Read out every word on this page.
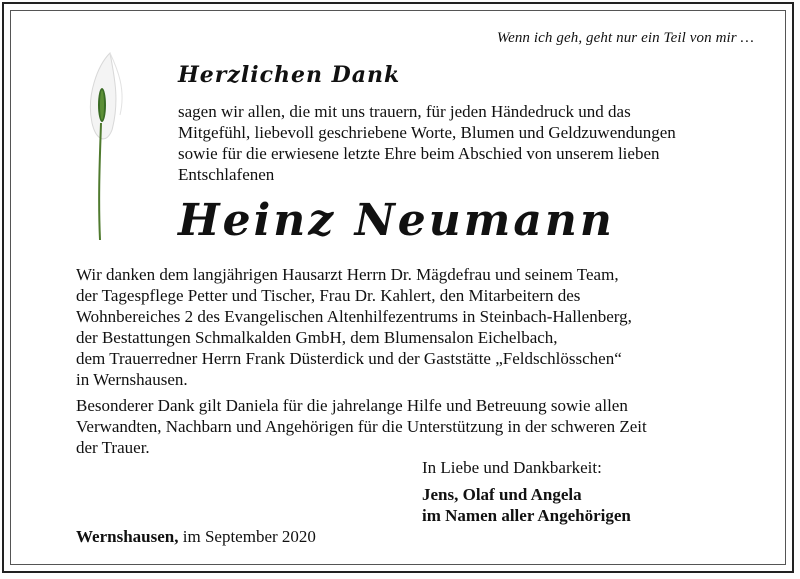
Wenn ich geh, geht nur ein Teil von mir …
Herzlichen Dank
sagen wir allen, die mit uns trauern, für jeden Händedruck und das
Mitgefühl, liebevoll geschriebene Worte, Blumen und Geldzuwendungen
sowie für die erwiesene letzte Ehre beim Abschied von unserem lieben
Entschlafenen
Heinz Neumann
Wir danken dem langjährigen Hausarzt Herrn Dr. Mägdefrau und seinem Team,
der Tagespflege Petter und Tischer, Frau Dr. Kahlert, den Mitarbeitern des
Wohnbereiches 2 des Evangelischen Altenhilfezentrums in Steinbach-Hallenberg,
der Bestattungen Schmalkalden GmbH, dem Blumensalon Eichelbach,
dem Trauerredner Herrn Frank Düsterdick und der Gaststätte „Feldschlösschen“
in Wernshausen.
Besonderer Dank gilt Daniela für die jahrelange Hilfe und Betreuung sowie allen
Verwandten, Nachbarn und Angehörigen für die Unterstützung in der schweren Zeit
der Trauer.
In Liebe und Dankbarkeit:
Jens, Olaf und Angela
im Namen aller Angehörigen
Wernshausen, im September 2020
